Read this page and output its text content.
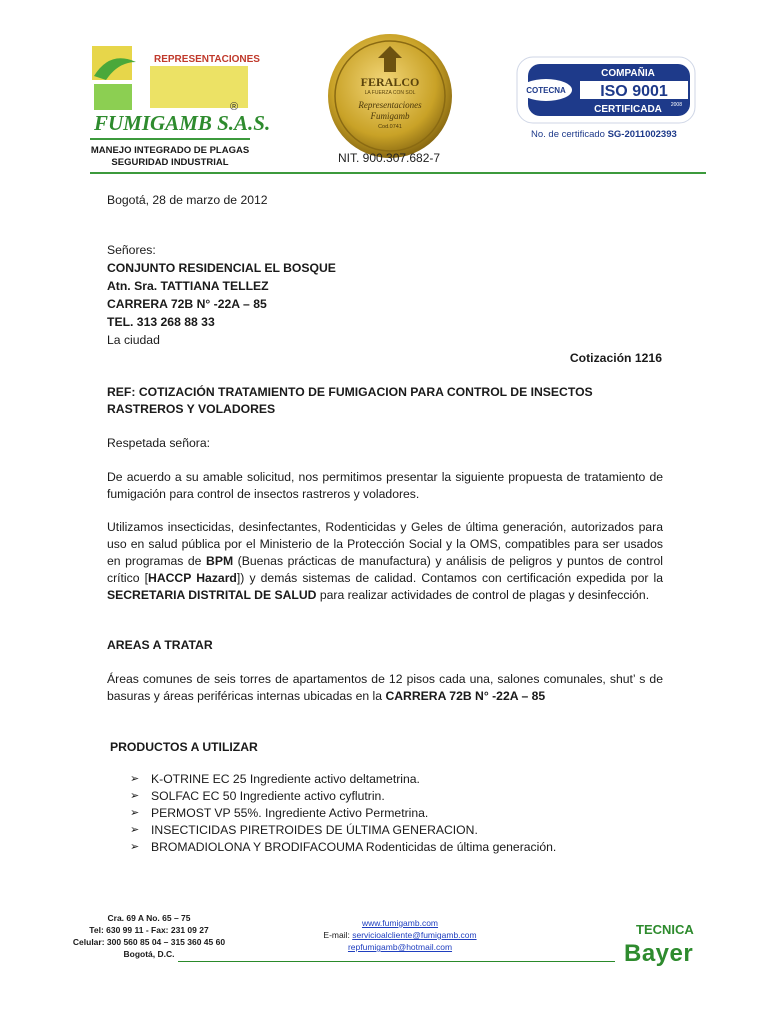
REPRESENTACIONES
FUMIGAMB S.A.S.
®
MANEJO INTEGRADO DE PLAGAS
SEGURIDAD INDUSTRIAL
FERALCO
LA FUERZA CON SOL
Representaciones
Fumigamb
Cod.0741
NIT. 900.307.682-7
COTECNA
COMPAÑIA
ISO 9001
2008
CERTIFICADA
No. de certificado SG-2011002393
Bogotá, 28 de marzo de 2012
Señores:
CONJUNTO RESIDENCIAL EL BOSQUE
Atn. Sra. TATTIANA TELLEZ
CARRERA 72B N° -22A – 85
TEL. 313 268 88 33
La ciudad
Cotización 1216
REF: COTIZACIÓN TRATAMIENTO DE FUMIGACION PARA CONTROL DE INSECTOS RASTREROS Y VOLADORES
Respetada señora:
De acuerdo a su amable solicitud, nos permitimos presentar la siguiente propuesta de tratamiento de fumigación para control de insectos rastreros y voladores.
Utilizamos insecticidas, desinfectantes, Rodenticidas y Geles de última generación, autorizados para uso en salud pública por el Ministerio de la Protección Social y la OMS, compatibles para ser usados en programas de BPM (Buenas prácticas de manufactura) y análisis de peligros y puntos de control crítico [HACCP Hazard]) y demás sistemas de calidad. Contamos con certificación expedida por la SECRETARIA DISTRITAL DE SALUD para realizar actividades de control de plagas y desinfección.
AREAS A TRATAR
Áreas comunes de seis torres de apartamentos de 12 pisos cada una, salones comunales, shut’ s de basuras y áreas periféricas internas ubicadas en la CARRERA 72B N° -22A – 85
PRODUCTOS A UTILIZAR
➢ K-OTRINE EC 25 Ingrediente activo deltametrina.
➢ SOLFAC EC 50 Ingrediente activo cyflutrin.
➢ PERMOST VP 55%. Ingrediente Activo Permetrina.
➢ INSECTICIDAS PIRETROIDES DE ÚLTIMA GENERACION.
➢ BROMADIOLONA Y BRODIFACOUMA Rodenticidas de última generación.
Cra. 69 A No. 65 – 75
Tel: 630 99 11 - Fax: 231 09 27
Celular: 300 560 85 04 – 315 360 45 60
Bogotá, D.C.
www.fumigamb.com
E-mail: servicioalcliente@fumigamb.com
repfumigamb@hotmail.com
TECNICA
Bayer
